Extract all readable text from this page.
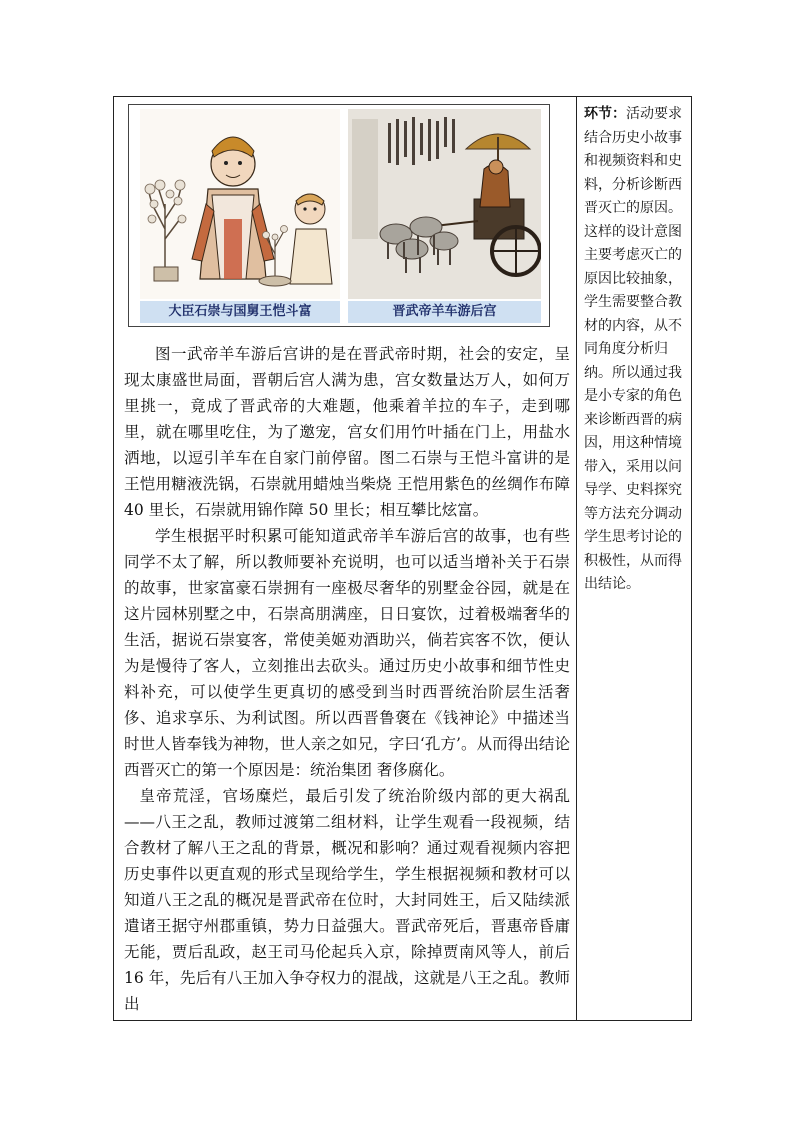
大臣石崇与国舅王恺斗富	晋武帝羊车游后宫

图一武帝羊车游后宫讲的是在晋武帝时期，社会的安定，呈现太康盛世局面，晋朝后宫人满为患，宫女数量达万人，如何万里挑一，竟成了晋武帝的大难题，他乘着羊拉的车子，走到哪里，就在哪里吃住，为了邀宠，宫女们用竹叶插在门上，用盐水洒地，以逗引羊车在自家门前停留。图二石崇与王恺斗富讲的是王恺用糖液洗锅，石崇就用蜡烛当柴烧 王恺用紫色的丝绸作布障 40 里长，石崇就用锦作障 50 里长；相互攀比炫富。

学生根据平时积累可能知道武帝羊车游后宫的故事，也有些同学不太了解，所以教师要补充说明，也可以适当增补关于石崇的故事，世家富豪石崇拥有一座极尽奢华的别墅金谷园，就是在这片园林别墅之中，石崇高朋满座，日日宴饮，过着极端奢华的生活，据说石崇宴客，常使美姬劝酒助兴，倘若宾客不饮，便认为是慢待了客人，立刻推出去砍头。通过历史小故事和细节性史料补充，可以使学生更真切的感受到当时西晋统治阶层生活奢侈、追求享乐、为利试图。所以西晋鲁褒在《钱神论》中描述当时世人皆奉钱为神物，世人亲之如兄，字曰‘孔方’。从而得出结论西晋灭亡的第一个原因是：统治集团 奢侈腐化。

皇帝荒淫，官场糜烂，最后引发了统治阶级内部的更大祸乱——八王之乱，教师过渡第二组材料，让学生观看一段视频，结合教材了解八王之乱的背景，概况和影响？通过观看视频内容把历史事件以更直观的形式呈现给学生，学生根据视频和教材可以知道八王之乱的概况是晋武帝在位时，大封同姓王，后又陆续派遣诸王据守州郡重镇，势力日益强大。晋武帝死后，晋惠帝昏庸无能，贾后乱政，赵王司马伦起兵入京，除掉贾南风等人，前后 16 年，先后有八王加入争夺权力的混战，这就是八王之乱。教师出

环节：活动要求结合历史小故事和视频资料和史料，分析诊断西晋灭亡的原因。这样的设计意图主要考虑灭亡的原因比较抽象，学生需要整合教材的内容，从不同角度分析归纳。所以通过我是小专家的角色来诊断西晋的病因，用这种情境带入，采用以问导学、史料探究等方法充分调动学生思考讨论的积极性，从而得出结论。
